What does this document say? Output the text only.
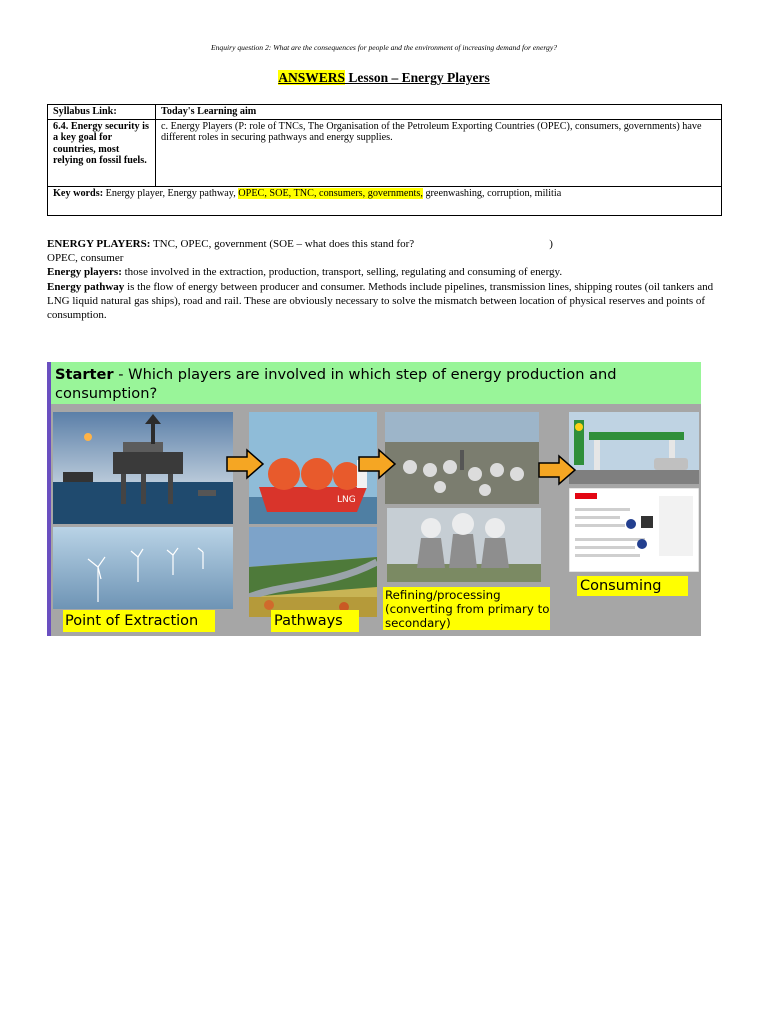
Enquiry question 2: What are the consequences for people and the environment of increasing demand for energy?
ANSWERS Lesson – Energy Players
Syllabus Link:	Today's Learning aim
6.4. Energy security is a key goal for countries, most relying on fossil fuels.	c. Energy Players (P: role of TNCs, The Organisation of the Petroleum Exporting Countries (OPEC), consumers, governments) have different roles in securing pathways and energy supplies.
Key words: Energy player, Energy pathway, OPEC, SOE, TNC, consumers, governments, greenwashing, corruption, militia	

ENERGY PLAYERS: TNC, OPEC, government (SOE – what does this stand for?	)

OPEC, consumer

Energy players: those involved in the extraction, production, transport, selling, regulating and consuming of energy.

Energy pathway is the flow of energy between producer and consumer. Methods include pipelines, transmission lines, shipping routes (oil tankers and LNG liquid natural gas ships), road and rail. These are obviously necessary to solve the mismatch between location of physical reserves and points of consumption.

Starter - Which players are involved in which step of energy production and consumption?
LNG
Point of Extraction	Pathways
Refining/processing (converting from primary to secondary)
Consuming
